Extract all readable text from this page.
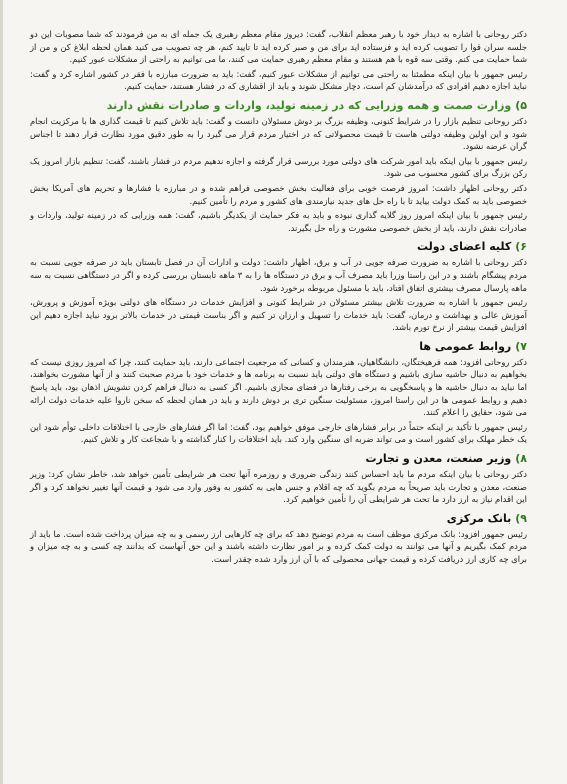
دکتر روحانی با اشاره به دیدار خود با رهبر معظم انقلاب، گفت: دیروز مقام معظم رهبری یک جمله ای به من فرمودند که شما مصوبات این دو جلسه سران قوا را تصویب کرده اید و فرستاده اید برای من و صبر کرده اید تا تایید کنم، هر چه تصویب می کنید همان لحظه ابلاغ کن و من از شما حمایت می کنم. وقتی سه قوه با هم هستند و مقام معظم رهبری حمایت می کنند، ما می توانیم به راحتی از مشکلات عبور کنیم.

رئیس جمهور با بیان اینکه مطمئنا به راحتی می توانیم از مشکلات عبور کنیم، گفت: باید به ضرورت مبارزه با فقر در کشور اشاره کرد و گفت: نباید اجازه دهیم افرادی که درآمدشان کم است، دچار مشکل شوند و باید از اقشاری که در فشار هستند، حمایت کنیم.

۵)
وزارت صمت و همه وزرایی که در زمینه تولید، واردات و صادرات نقش دارند

دکتر روحانی تنظیم بازار را در شرایط کنونی، وظیفه بزرگ بر دوش مسئولان دانست و گفت: باید تلاش کنیم تا قیمت گذاری ها با مرکزیت انجام شود و این اولین وظیفه دولتی هاست تا قیمت محصولاتی که در اختیار مردم قرار می گیرد را به طور دقیق مورد نظارت قرار دهند تا اجناس گران عرضه نشود.

رئیس جمهور با بیان اینکه باید امور شرکت های دولتی مورد بررسی قرار گرفته و اجازه ندهیم مردم در فشار باشند، گفت: تنظیم بازار امروز یک رکن بزرگ برای کشور محسوب می شود.

دکتر روحانی اظهار داشت: امروز فرصت خوبی برای فعالیت بخش خصوصی فراهم شده و در مبارزه با فشارها و تحریم های آمریکا بخش خصوصی باید به کمک دولت بیاید تا با راه حل های جدید نیازمندی های کشور و مردم را تأمین کنیم.

رئیس جمهور با بیان اینکه امروز روز گلایه گذاری نبوده و باید به فکر حمایت از یکدیگر باشیم، گفت: همه وزرایی که در زمینه تولید، واردات و صادرات نقش دارند، باید از بخش خصوصی مشورت و راه حل بگیرند.

۶)
کلیه اعضای دولت

دکتر روحانی با اشاره به ضرورت صرفه جویی در آب و برق، اظهار داشت: دولت و ادارات آن در فصل تابستان باید در صرفه جویی نسبت به مردم پیشگام باشند و در این راستا وزرا باید مصرف آب و برق در دستگاه ها را به ۳ ماهه تابستان بررسی کرده و اگر در دستگاهی نسبت به سه ماهه پارسال مصرف بیشتری اتفاق افتاد، باید با مسئول مربوطه برخورد شود.

رئیس جمهور با اشاره به ضرورت تلاش بیشتر مسئولان در شرایط کنونی و افزایش خدمات در دستگاه های دولتی بویژه آموزش و پرورش، آموزش عالی و بهداشت و درمان، گفت: باید خدمات را تسهیل و ارزان تر کنیم و اگر بناست قیمتی در خدمات بالاتر برود نباید اجازه دهیم این افزایش قیمت بیشتر از نرخ تورم باشد.

۷)
روابط عمومی ها

دکتر روحانی افزود: همه فرهیختگان، دانشگاهیان، هنرمندان و کسانی که مرجعیت اجتماعی دارند، باید حمایت کنند، چرا که امروز روزی نیست که بخواهیم به دنبال حاشیه سازی باشیم و دستگاه های دولتی باید نسبت به برنامه ها و خدمات خود با مردم صحبت کنند و از آنها مشورت بخواهند، اما نباید به دنبال حاشیه ها و پاسخگویی به برخی رفتارها در فضای مجازی باشیم. اگر کسی به دنبال فراهم کردن تشویش اذهان بود، باید پاسخ دهیم و روابط عمومی ها در این راستا امروز، مسئولیت سنگین تری بر دوش دارند و باید در همان لحظه که سخن ناروا علیه خدمات دولت ارائه می شود، حقایق را اعلام کنند.

رئیس جمهور با تأکید بر اینکه حتماً در برابر فشارهای خارجی موفق خواهیم بود، گفت: اما اگر فشارهای خارجی با اختلافات داخلی توأم شود این یک خطر مهلک برای کشور است و می تواند ضربه ای سنگین وارد کند. باید اختلافات را کنار گذاشته و با شجاعت کار و تلاش کنیم.

۸)
وزیر صنعت، معدن و تجارت

دکتر روحانی با بیان اینکه مردم ما باید احساس کنند زندگی ضروری و روزمره آنها تحت هر شرایطی تأمین خواهد شد، خاطر نشان کرد: وزیر صنعت، معدن و تجارت باید صریحاً به مردم بگوید که چه اقلام و جنس هایی به کشور به وفور وارد می شود و قیمت آنها تغییر نخواهد کرد و اگر این اقدام نیاز به ارز دارد ما تحت هر شرایطی آن را تأمین خواهیم کرد.

۹)
بانک مرکزی

رئیس جمهور افزود: بانک مرکزی موظف است به مردم توضیح دهد که برای چه کارهایی ارز رسمی و به چه میزان پرداخت شده است. ما باید از مردم کمک بگیریم و آنها می توانند به دولت کمک کرده و بر امور نظارت داشته باشند و این حق آنهاست که بدانند چه کسی و به چه میزان و برای چه کاری ارز دریافت کرده و قیمت جهانی محصولی که با آن ارز وارد شده چقدر است.
